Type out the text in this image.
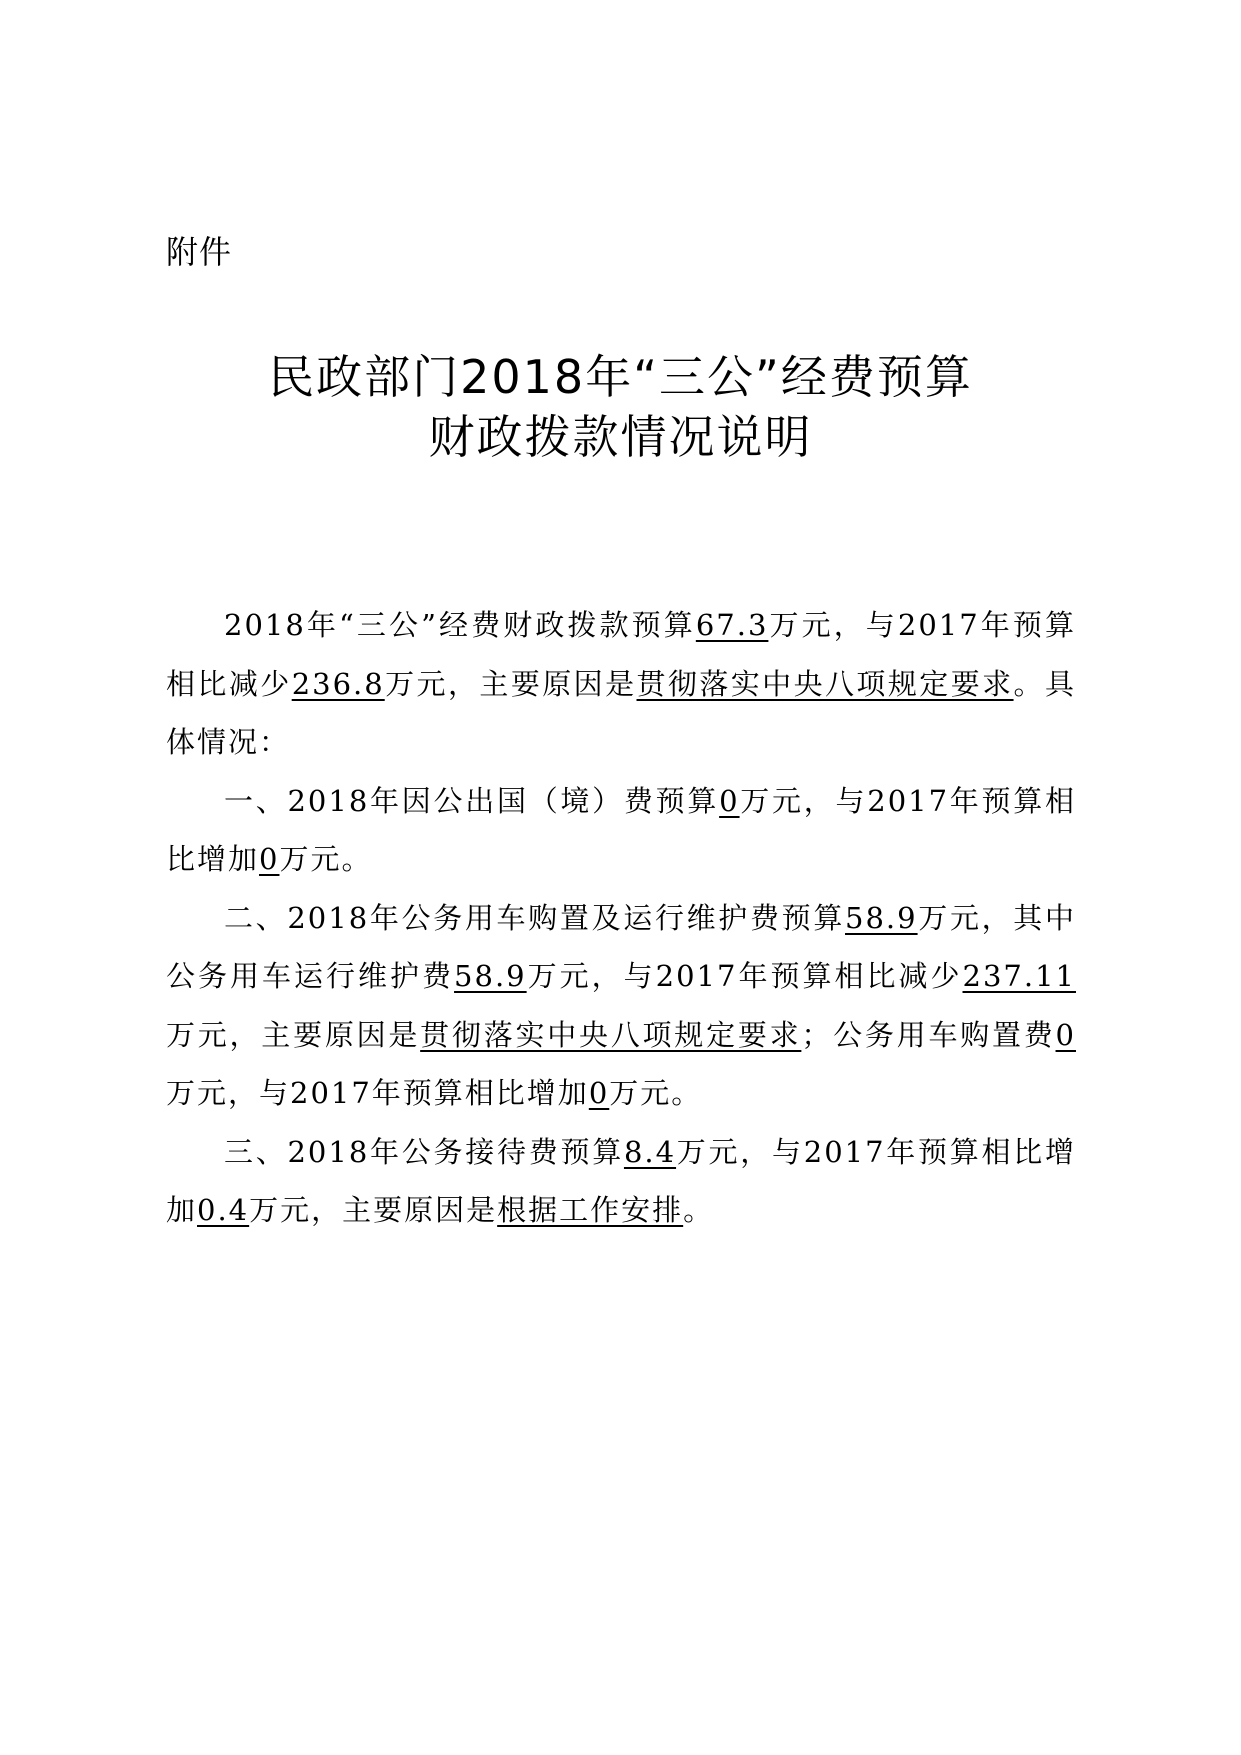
附件
民政部门2018年“三公”经费预算
财政拨款情况说明

2018年“三公”经费财政拨款预算67.3万元，与2017年预算相比减少236.8万元，主要原因是贯彻落实中央八项规定要求。具体情况：

一、2018年因公出国（境）费预算0万元，与2017年预算相比增加0万元。

二、2018年公务用车购置及运行维护费预算58.9万元，其中公务用车运行维护费58.9万元，与2017年预算相比减少237.11万元，主要原因是贯彻落实中央八项规定要求；公务用车购置费0万元，与2017年预算相比增加0万元。

三、2018年公务接待费预算8.4万元，与2017年预算相比增加0.4万元，主要原因是根据工作安排。
